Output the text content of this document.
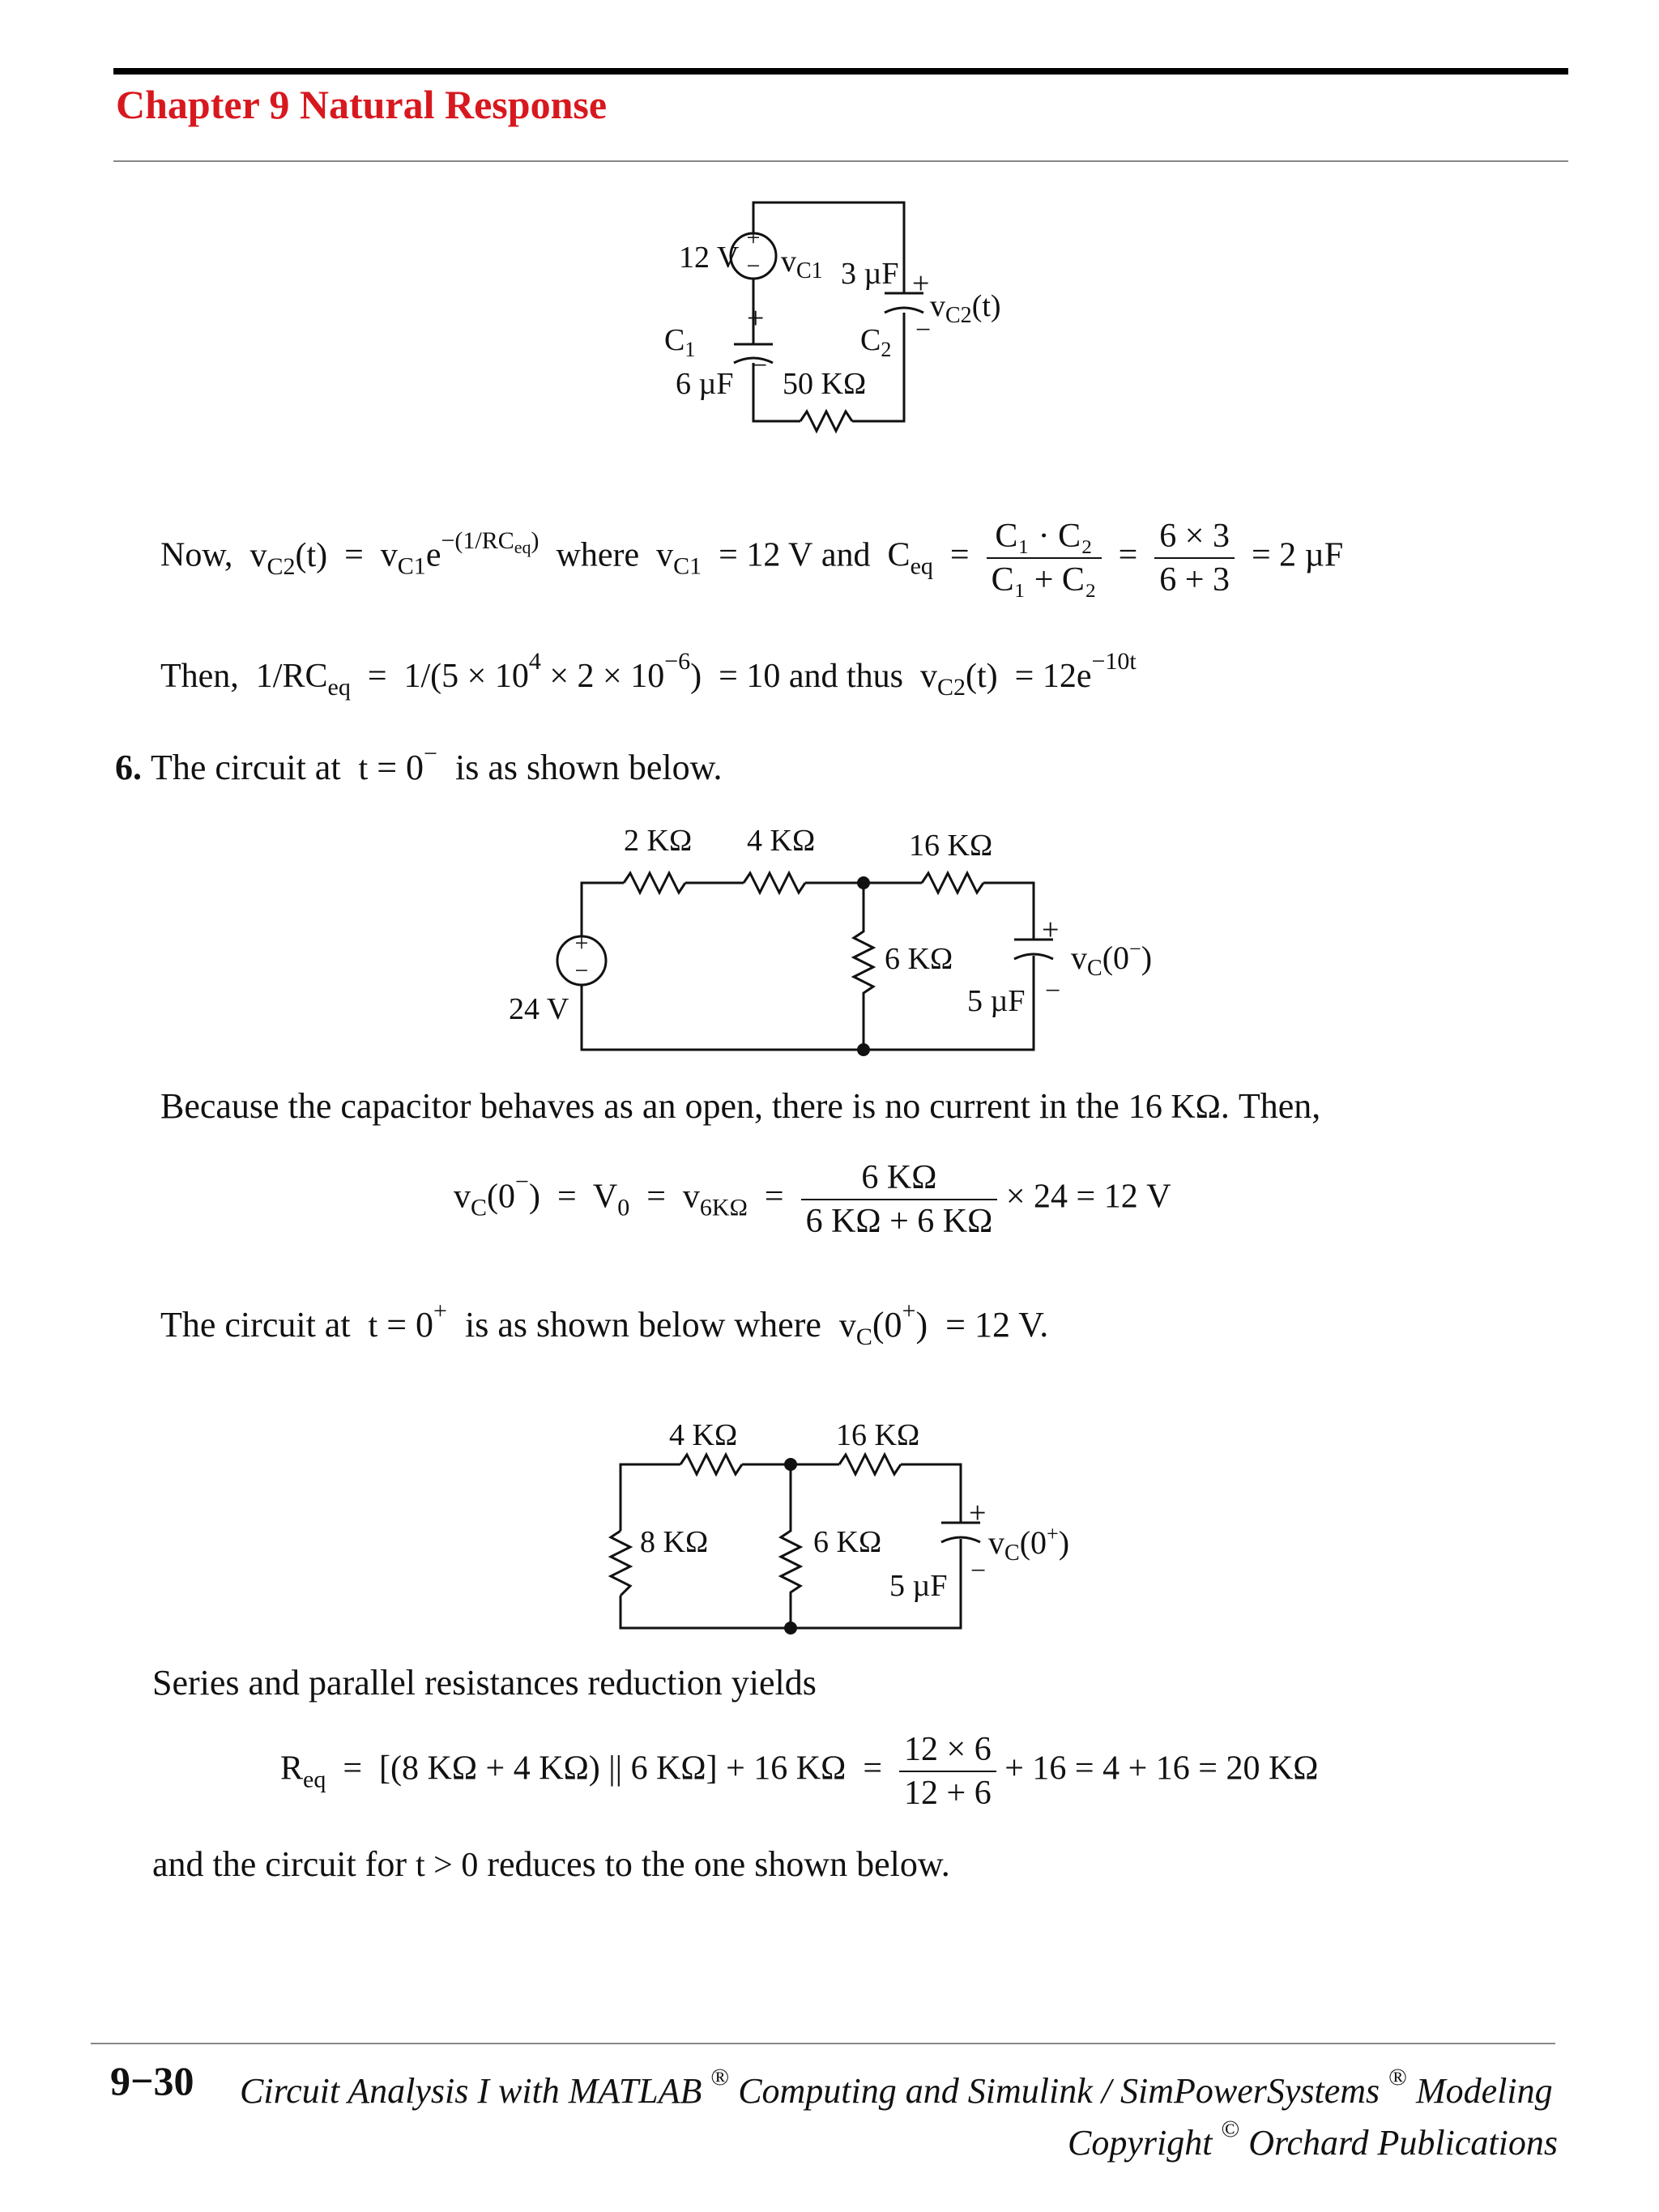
Chapter 9 Natural Response
+
−
12 V $v_{C1}$ 3 µF +
$v_{C2}(t)$
−
+
$C_1$
6 µF
−
$C_2$
50 KΩ
Now, $v_{C2}(t) = v_{C1}e^{-(1/RC_{eq})}$ where $v_{C1} = 12$ V and $C_{eq} = \frac{\text{C₁ · C₂}}{\text{C₁ + C₂}} = \frac{6 \times 3}{6 + 3} = 2$ µF
Then, $1/RC_{eq} = 1/(5 \times 10^4 \times 2 \times 10^{-6}) = 10$ and thus $v_{C2}(t) = 12e^{-10t}$
6. The circuit at t = 0− is as shown below.
+
−
2 KΩ 4 KΩ	16 KΩ
6 KΩ
5 µF
24 V
+
−
$v_C(0^-)$
Because the capacitor behaves as an open, there is no current in the 16 KΩ. Then,
$v_C(0^-) = V_0 = v_{6K\Omega} = \frac{6 K\Omega}{6 K\Omega + 6 K\Omega} \times 24 = 12$ V
The circuit at t = 0+ is as shown below where $v_C(0^+) = 12$ V.
4 KΩ	16 KΩ
8 KΩ	6 KΩ
5 µF
+
−
$v_C(0^+)$
Series and parallel resistances reduction yields
$R_{eq} = [(8$ KΩ + 4 KΩ) || 6 KΩ] + 16 $K\Omega = \frac{12 \times 6}{12 + 6} + 16 = 4 + 16 = 20$ KΩ
and the circuit for t > 0 reduces to the one shown below.
9−30 Circuit Analysis I with MATLAB ® Computing and Simulink / SimPowerSystems ® Modeling
Copyright © Orchard Publications
